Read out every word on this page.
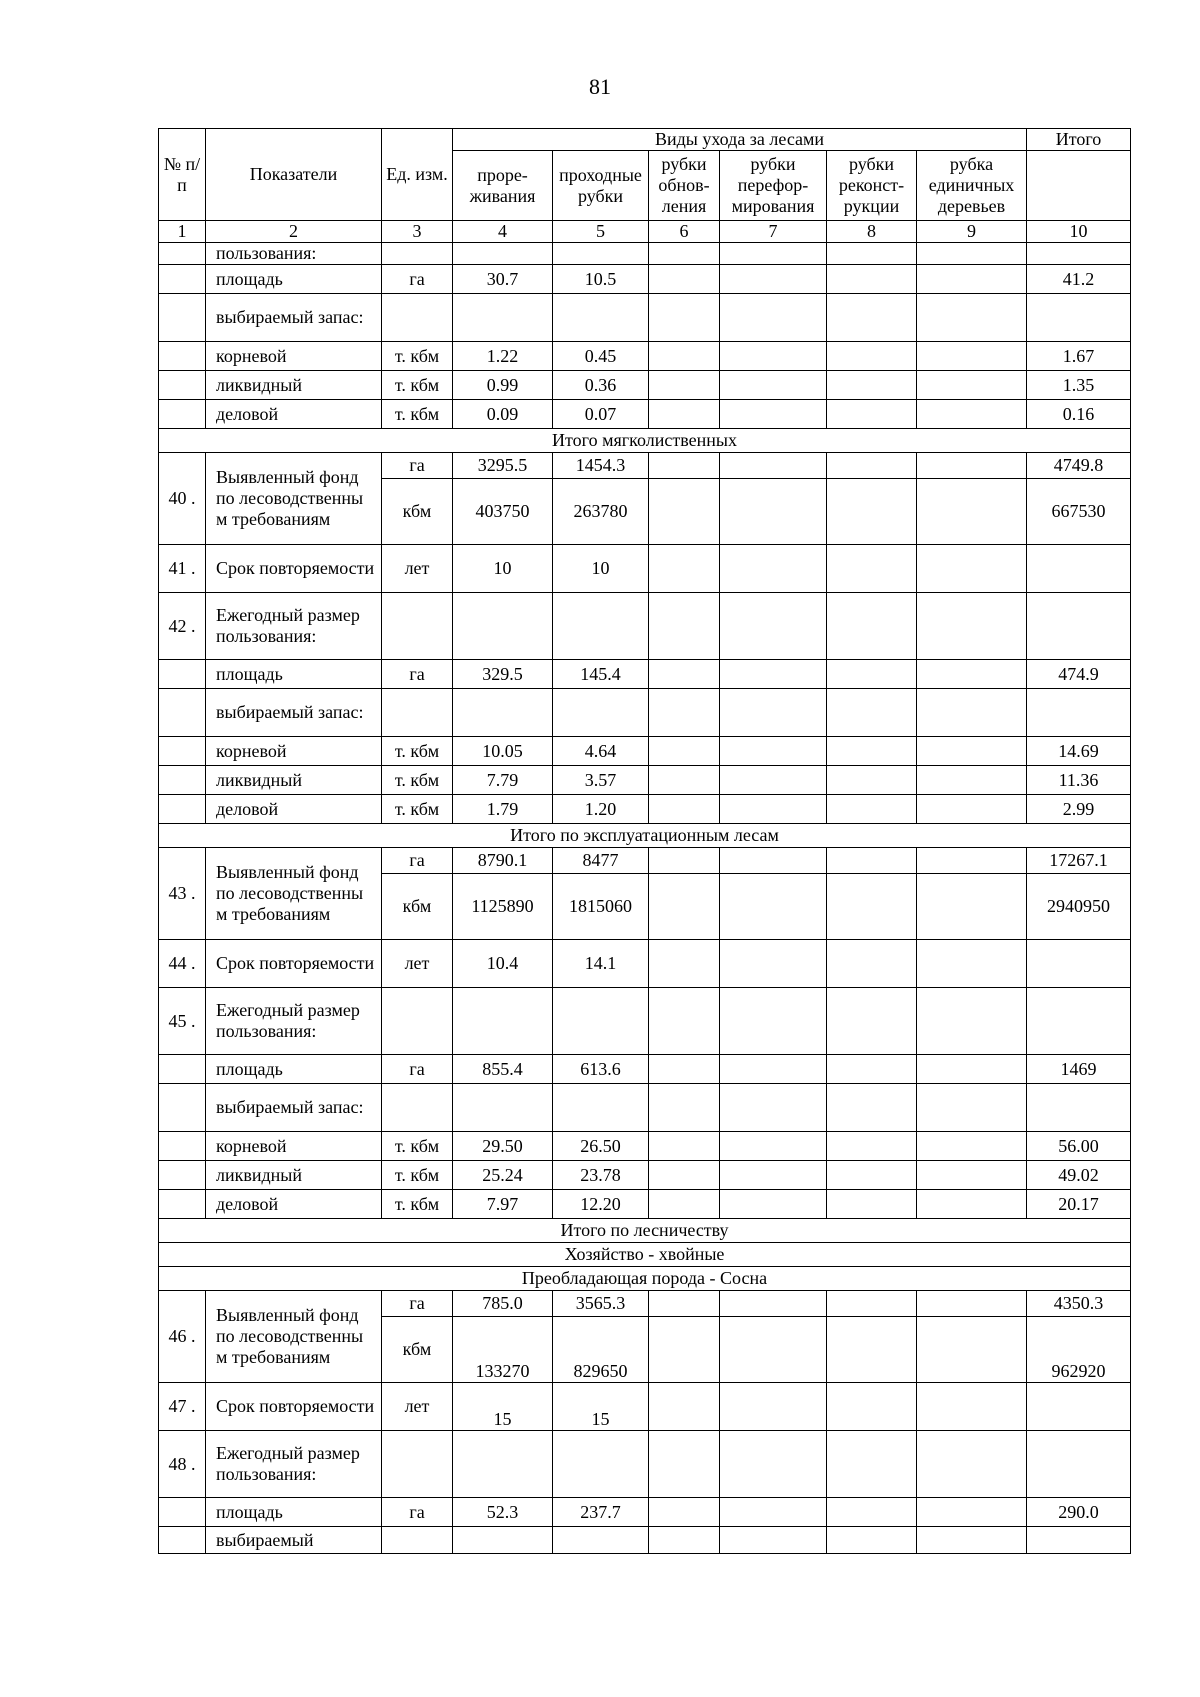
81
№ п/п	Показатели	Ед. изм.	Виды ухода за лесами						Итого
			проре-живания	проходные рубки	рубки обнов-ления	рубки перефор-мирования	рубки реконст-рукции	рубка единичных деревьев	
1	2	3	4	5	6	7	8	9	10
	пользования:								
	площадь	га	30.7	10.5					41.2
	выбираемый запас:								
	корневой	т. кбм	1.22	0.45					1.67
	ликвидный	т. кбм	0.99	0.36					1.35
	деловой	т. кбм	0.09	0.07					0.16
Итого мягколиственных									
40 .	Выявленный фонд по лесоводственны м требованиям	га	3295.5	1454.3					4749.8
		кбм	403750	263780					667530
41 .	Срок повторяемости	лет	10	10					
42 .	Ежегодный размер пользования:								
	площадь	га	329.5	145.4					474.9
	выбираемый запас:								
	корневой	т. кбм	10.05	4.64					14.69
	ликвидный	т. кбм	7.79	3.57					11.36
	деловой	т. кбм	1.79	1.20					2.99
Итого по эксплуатационным лесам									
43 .	Выявленный фонд по лесоводственны м требованиям	га	8790.1	8477					17267.1
		кбм	1125890	1815060					2940950
44 .	Срок повторяемости	лет	10.4	14.1					
45 .	Ежегодный размер пользования:								
	площадь	га	855.4	613.6					1469
	выбираемый запас:								
	корневой	т. кбм	29.50	26.50					56.00
	ликвидный	т. кбм	25.24	23.78					49.02
	деловой	т. кбм	7.97	12.20					20.17
Итого по лесничеству									
Хозяйство - хвойные									
Преобладающая порода - Сосна									
46 .	Выявленный фонд по лесоводственны м требованиям	га	785.0	3565.3					4350.3
		кбм	133270	829650					962920
47 .	Срок повторяемости	лет	15	15					
48 .	Ежегодный размер пользования:								
	площадь	га	52.3	237.7					290.0
	выбираемый								
